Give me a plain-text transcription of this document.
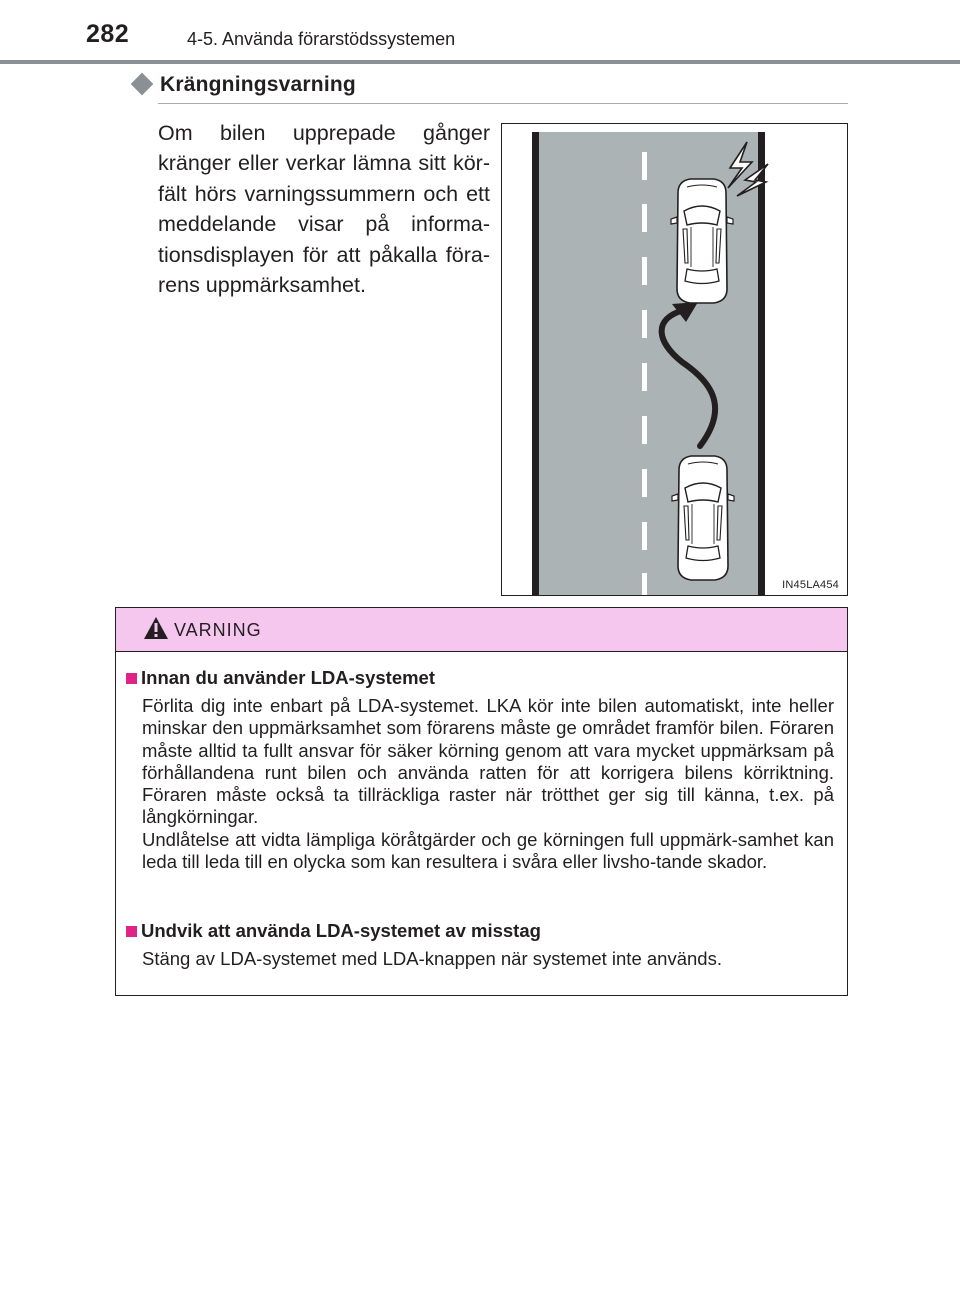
282	4-5. Använda förarstödssystemen
Krängningsvarning
Om bilen upprepade gånger kränger eller verkar lämna sitt kör-fält hörs varningssummern och ett meddelande visar på informa-tionsdisplayen för att påkalla föra-rens uppmärksamhet.
IN45LA454
VARNING
Innan du använder LDA-systemet

Förlita dig inte enbart på LDA-systemet. LKA kör inte bilen automatiskt, inte heller minskar den uppmärksamhet som förarens måste ge området framför bilen. Föraren måste alltid ta fullt ansvar för säker körning genom att vara mycket uppmärksam på förhållandena runt bilen och använda ratten för att korrigera bilens körriktning. Föraren måste också ta tillräckliga raster när trötthet ger sig till känna, t.ex. på långkörningar.

Undlåtelse att vidta lämpliga köråtgärder och ge körningen full uppmärk-samhet kan leda till leda till en olycka som kan resultera i svåra eller livsho-tande skador.

Undvik att använda LDA-systemet av misstag

Stäng av LDA-systemet med LDA-knappen när systemet inte används.
